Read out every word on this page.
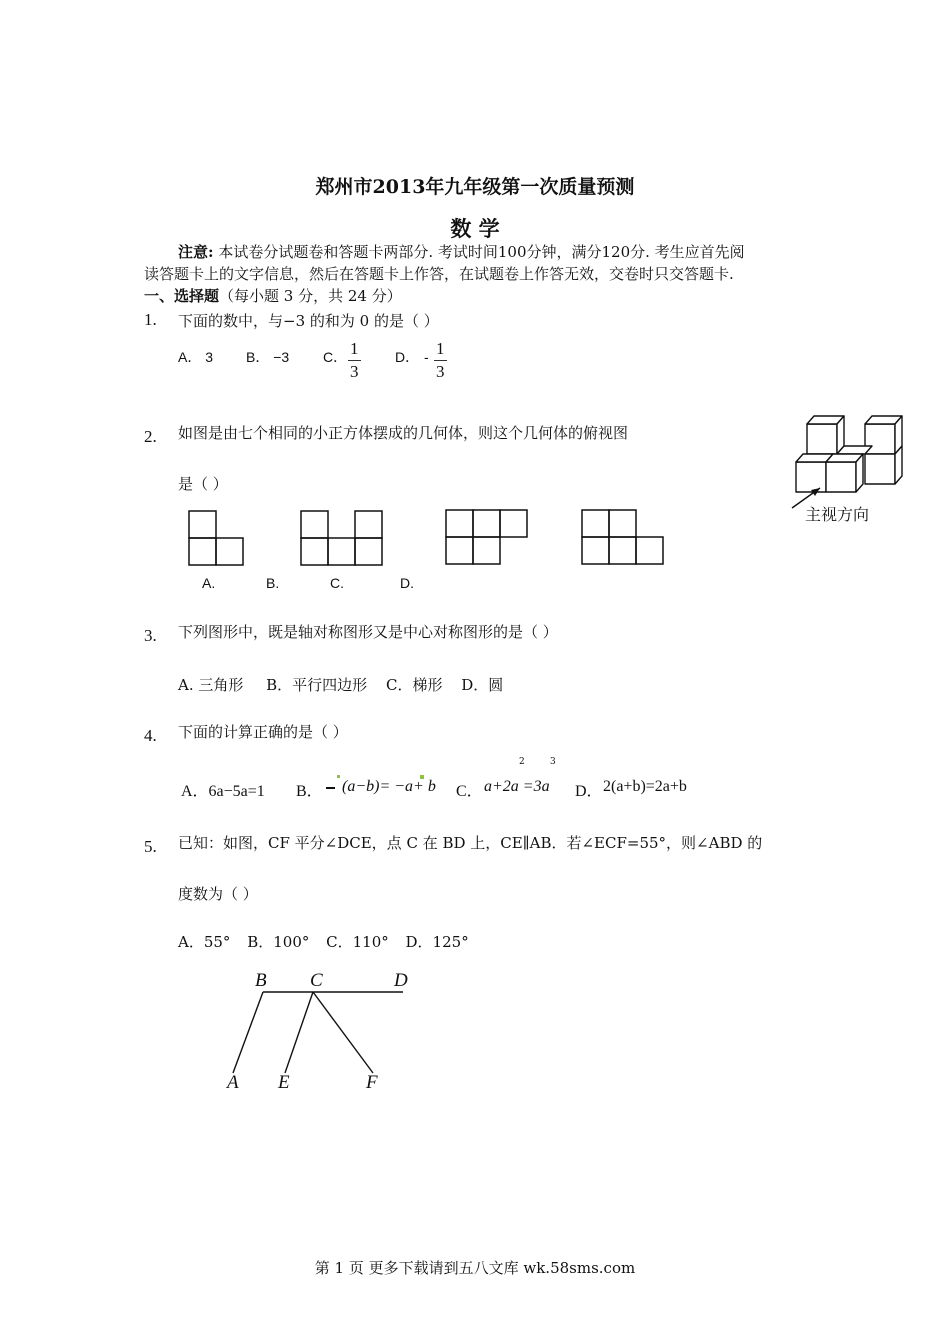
郑州市2013年九年级第一次质量预测
数 学
注意: 本试卷分试题卷和答题卡两部分. 考试时间100分钟，满分120分. 考生应首先阅
读答题卡上的文字信息，然后在答题卡上作答，在试题卷上作答无效，交卷时只交答题卡.
一、选择题（每小题 3 分，共 24 分）
1. 下面的数中，与−3 的和为 0 的是（ ）
A． 3 B． −3 C． $\frac{1}{3}$ D． - $\frac{1}{3}$
2. 如图是由七个相同的小正方体摆成的几何体，则这个几何体的俯视图
是（ ）
A.	B.	C.	D.
主视方向
3. 下列图形中，既是轴对称图形又是中心对称图形的是（ ）
A. 三角形 B．平行四边形 C．梯形 D．圆
4. 下面的计算正确的是（ ）
2	3
A．6a−5a=1 B． (a−b)= −a+ b C． a+2a =3a D． 2(a+b)=2a+b
5. 已知：如图，CF 平分∠DCE，点 C 在 BD 上，CE∥AB．若∠ECF=55°，则∠ABD 的
度数为（ ）
A．55° B．100° C．110° D．125°
B C	D
A E	F
第 1 页 更多下载请到五八文库 wk.58sms.com
